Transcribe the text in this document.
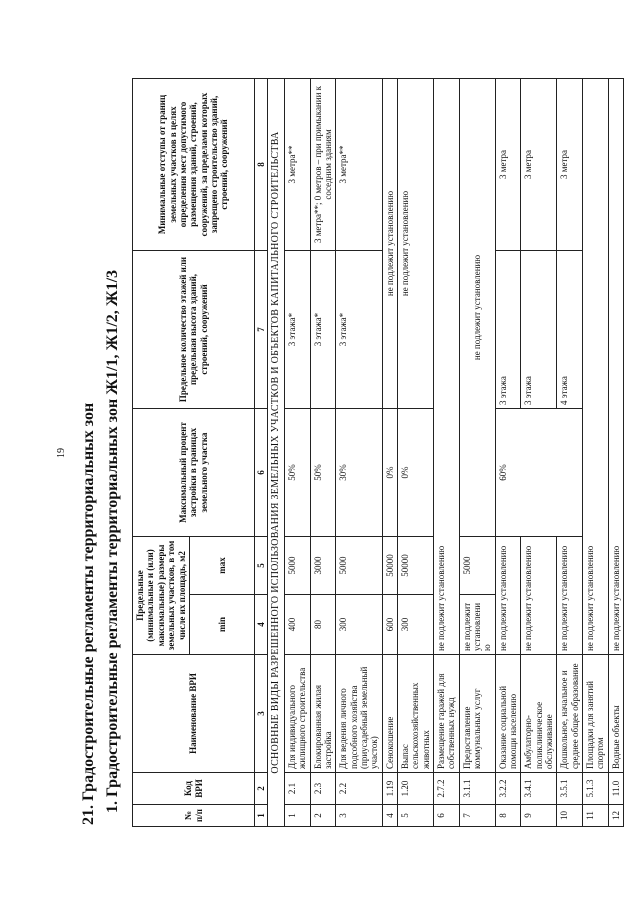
19 21. Градостроительные регламенты территориальных зон 1. Градостроительные регламенты территориальных зон Ж1/1, Ж1/2, Ж1/3
№ п/п	Код ВРИ	Наименование ВРИ	Предельные (минимальные и (или) максимальные) размеры земельных участков, в том числе их площадь, м2		Максимальный процент застройки в границах земельного участка	Предельное количество этажей или предельная высота зданий, строений, сооружений	Минимальные отступы от границ земельных участков в целях определения мест допустимого размещения зданий, строений, сооружений, за пределами которых запрещено строительство зданий, строений, сооружений
			min	max			
1	2	3	4	5	6	7	8
ОСНОВНЫЕ ВИДЫ РАЗРЕШЕННОГО ИСПОЛЬЗОВАНИЯ ЗЕМЕЛЬНЫХ УЧАСТКОВ И ОБЪЕКТОВ КАПИТАЛЬНОГО СТРОИТЕЛЬСТВА							
1	2.1	Для индивидуального жилищного строительства	400	5000	50%	3 этажа*	3 метра**
2	2.3	Блокированная жилая застройка	80	3000	50%	3 этажа*	3 метра**; 0 метров – при примыкании к соседним зданиям
3	2.2	Для ведения личного подсобного хозяйства (приусадебный земельный участок)	300	5000	30%	3 этажа*	3 метра**
4	1.19	Сенокошение	600	50000	0%	не подлежит установлению	
5	1.20	Выпас сельскохозяйственных животных	300	50000	0%	не подлежит установлению	
6	2.7.2	Размещение гаражей для собственных нужд	не подлежит установлению				
7	3.1.1	Предоставление коммунальных услуг	не подлежит установлению	5000	не подлежит установлению		
8	3.2.2	Оказание социальной помощи населению	не подлежит установлению		60%	3 этажа	3 метра
9	3.4.1	Амбулаторно-поликлиническое обслуживание	не подлежит установлению			3 этажа	3 метра
10	3.5.1	Дошкольное, начальное и среднее общее образование	не подлежит установлению			4 этажа	3 метра
11	5.1.3	Площадки для занятий спортом	не подлежит установлению				
12	11.0	Водные объекты	не подлежит установлению				
